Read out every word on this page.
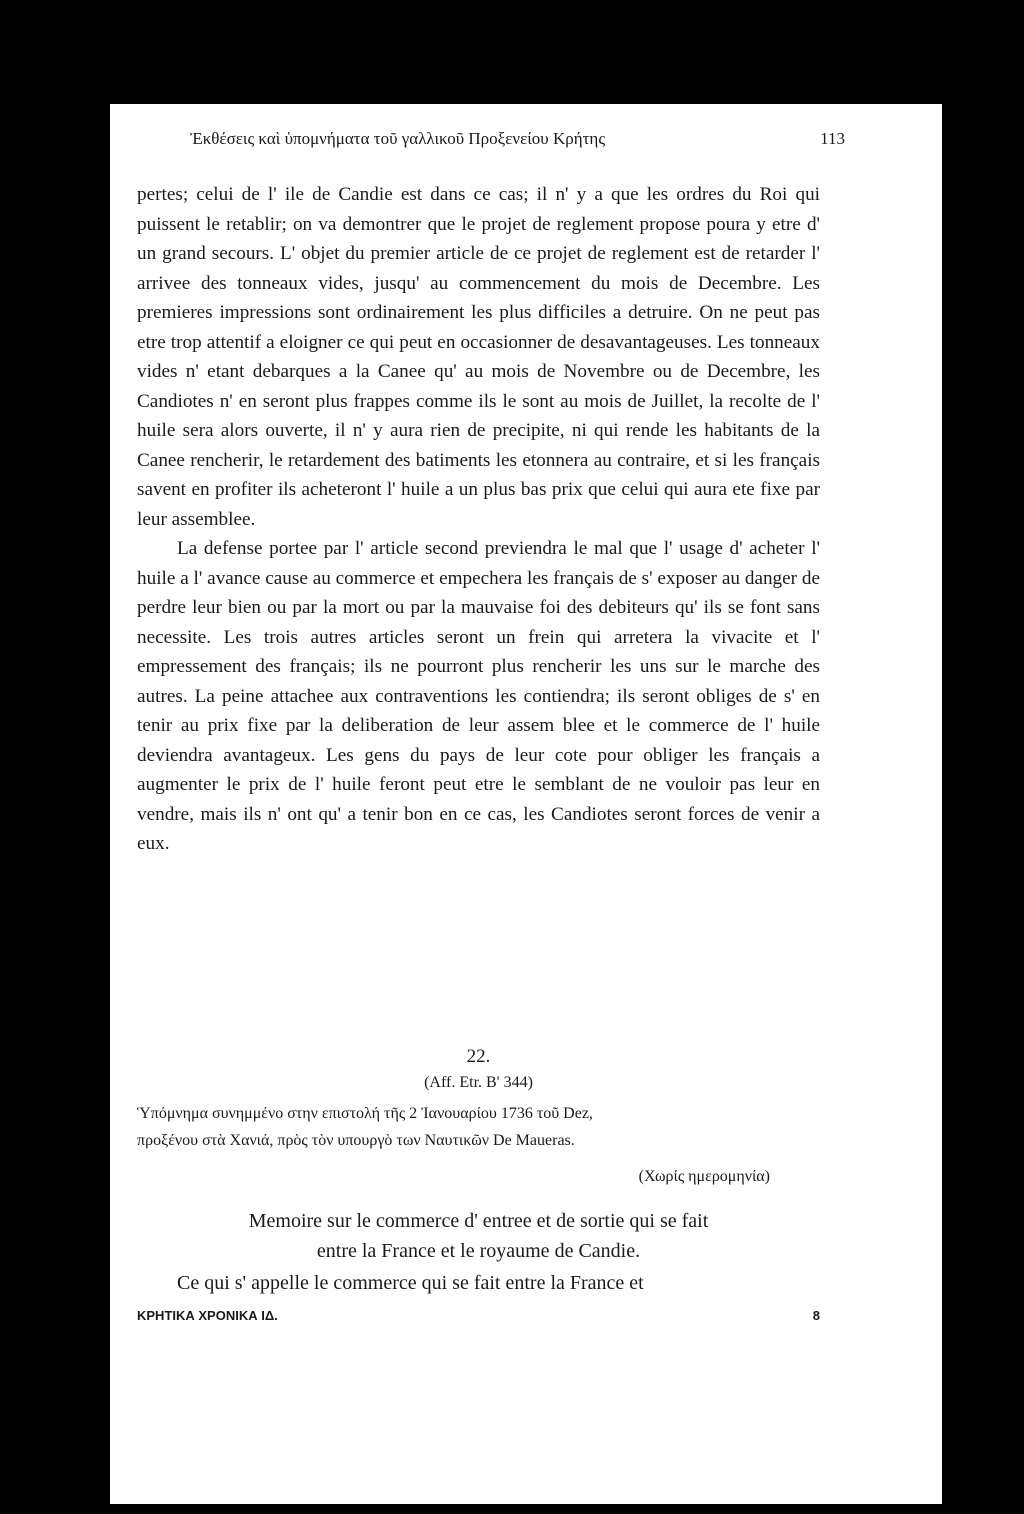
Ἐκθέσεις καὶ ὑπομνήματα τοῦ γαλλικοῦ Προξενείου Κρήτης	113

pertes; celui de l' ile de Candie est dans ce cas; il n' y a que les ordres du Roi qui puissent le retablir; on va demontrer que le projet de reglement propose poura y etre d' un grand secours. L' objet du premier article de ce projet de reglement est de retarder l' arrivee des tonneaux vides, jusqu' au commencement du mois de Decembre. Les premieres impressions sont ordinairement les plus difficiles a detruire. On ne peut pas etre trop attentif a eloigner ce qui peut en occasionner de desavantageuses. Les tonneaux vides n' etant debarques a la Canee qu' au mois de Novembre ou de Decembre, les Candiotes n' en seront plus frappes comme ils le sont au mois de Juillet, la recolte de l' huile sera alors ouverte, il n' y aura rien de precipite, ni qui rende les habitants de la Canee rencherir, le retardement des batiments les etonnera au contraire, et si les français savent en profiter ils acheteront l' huile a un plus bas prix que celui qui aura ete fixe par leur assemblee.

La defense portee par l' article second previendra le mal que l' usage d' acheter l' huile a l' avance cause au commerce et empechera les français de s' exposer au danger de perdre leur bien ou par la mort ou par la mauvaise foi des debiteurs qu' ils se font sans necessite. Les trois autres articles seront un frein qui arretera la vivacite et l' empressement des français; ils ne pourront plus rencherir les uns sur le marche des autres. La peine attachee aux contraventions les contiendra; ils seront obliges de s' en tenir au prix fixe par la deliberation de leur assem blee et le commerce de l' huile deviendra avantageux. Les gens du pays de leur cote pour obliger les français a augmenter le prix de l' huile feront peut etre le semblant de ne vouloir pas leur en vendre, mais ils n' ont qu' a tenir bon en ce cas, les Candiotes seront forces de venir a eux.

22.
(Aff. Etr. B' 344)
Ὑπόμνημα συνημμένο στην επιστολή τῆς 2 Ἰανουαρίου 1736 τοῦ Dez,
προξένου στὰ Χανιά, πρὸς τὸν υπουργὸ των Ναυτικῶν De Maueras.
(Χωρίς ημερομηνία)
Memoire sur le commerce d' entree et de sortie qui se fait
entre la France et le royaume de Candie.
Ce qui s' appelle le commerce qui se fait entre la France et
ΚΡΗΤΙΚΑ ΧΡΟΝΙΚΑ ΙΔ.	8
